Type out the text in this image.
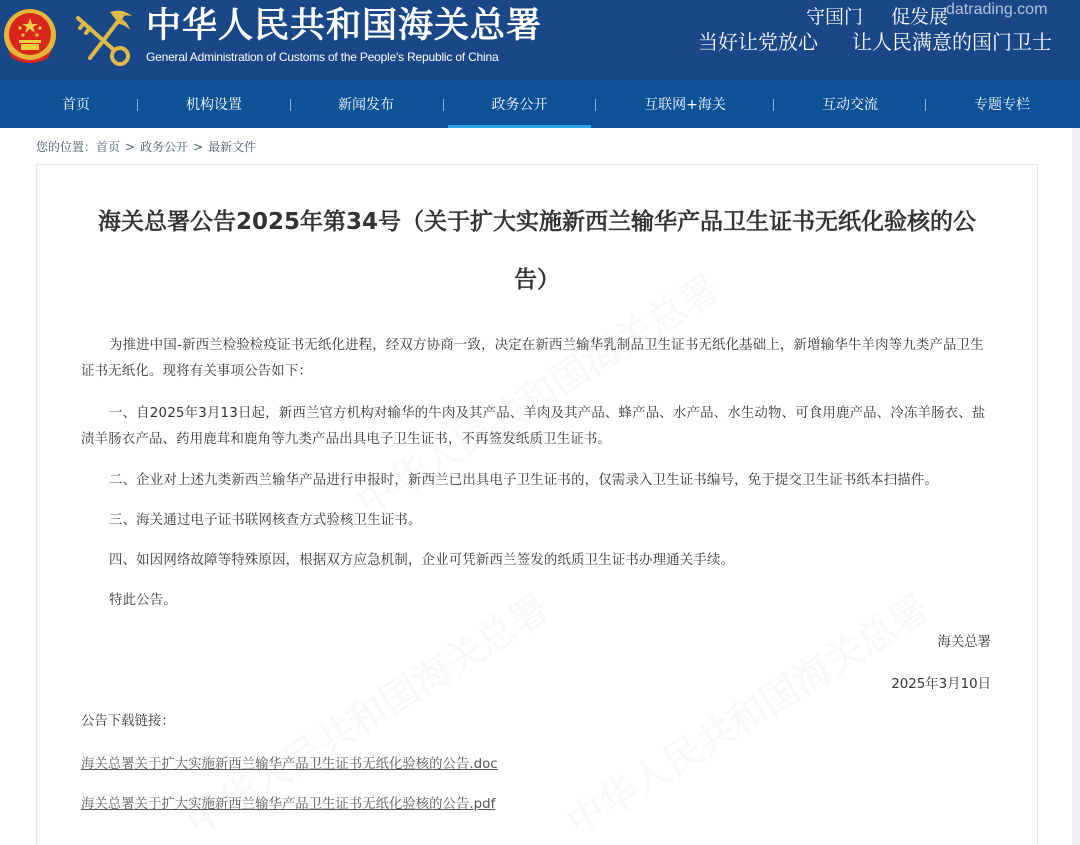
中华人民共和国海关总署
General Administration of Customs of the People's Republic of China
守国门 促发展
当好让党放心 让人民满意的国门卫士
datrading.com
首页	机构设置	新闻发布	政务公开	互联网+海关	互动交流	专题专栏
您的位置：首页 > 政务公开 > 最新文件
海关总署公告2025年第34号（关于扩大实施新西兰输华产品卫生证书无纸化验核的公告）

为推进中国-新西兰检验检疫证书无纸化进程，经双方协商一致，决定在新西兰输华乳制品卫生证书无纸化基础上，新增输华牛羊肉等九类产品卫生证书无纸化。现将有关事项公告如下：

一、自2025年3月13日起，新西兰官方机构对输华的牛肉及其产品、羊肉及其产品、蜂产品、水产品、水生动物、可食用鹿产品、冷冻羊肠衣、盐渍羊肠衣产品、药用鹿茸和鹿角等九类产品出具电子卫生证书，不再签发纸质卫生证书。

二、企业对上述九类新西兰输华产品进行申报时，新西兰已出具电子卫生证书的，仅需录入卫生证书编号，免于提交卫生证书纸本扫描件。

三、海关通过电子证书联网核查方式验核卫生证书。

四、如因网络故障等特殊原因，根据双方应急机制，企业可凭新西兰签发的纸质卫生证书办理通关手续。

特此公告。

海关总署
2025年3月10日
公告下载链接：
海关总署关于扩大实施新西兰输华产品卫生证书无纸化验核的公告.doc
海关总署关于扩大实施新西兰输华产品卫生证书无纸化验核的公告.pdf
